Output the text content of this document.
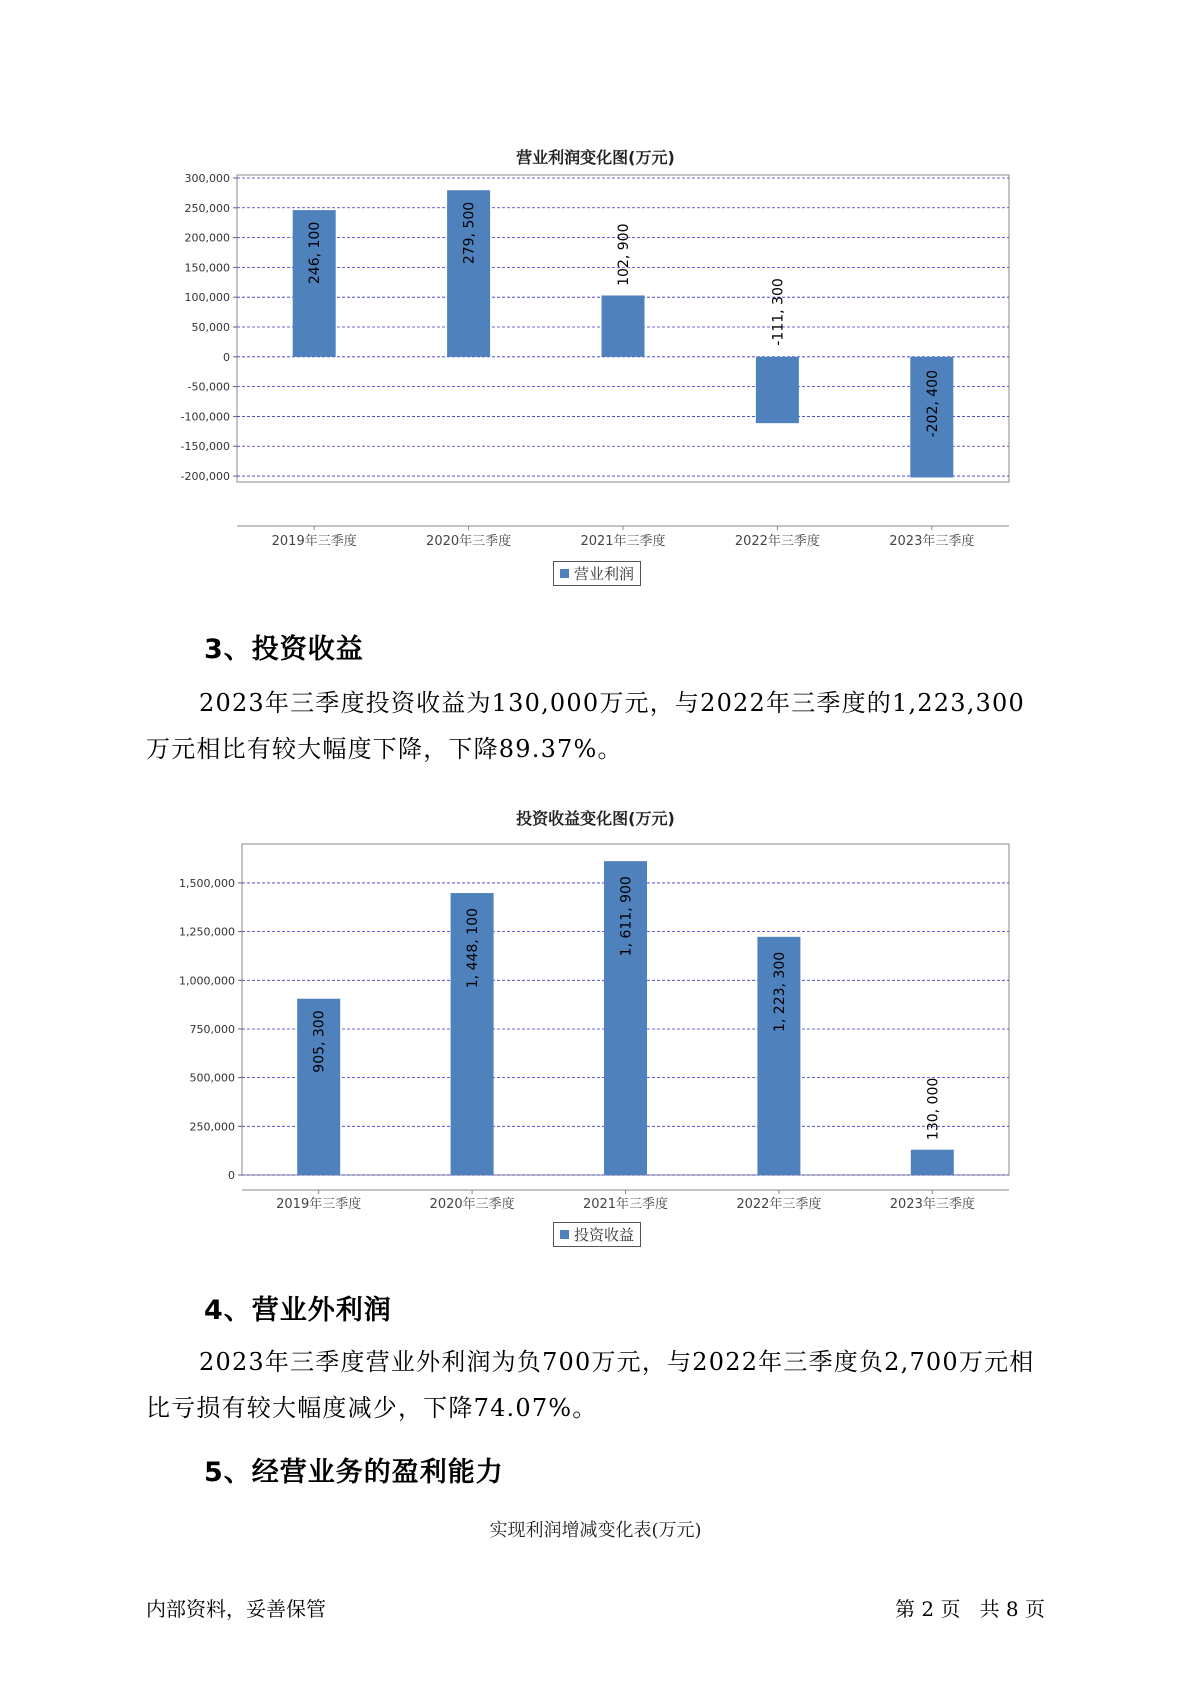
营业利润变化图(万元)
300,000
250,000
200,000
150,000
100,000
50,000
0
-50,000
-100,000
-150,000
-200,000
2019年三季度
246, 100
2020年三季度
279, 500
2021年三季度
102, 900
2022年三季度
-111, 300
2023年三季度
-202, 400
营业利润
3、投资收益

2023年三季度投资收益为130,000万元，与2022年三季度的1,223,300万元相比有较大幅度下降，下降89.37%。

投资收益变化图(万元)
1,500,000
1,250,000
1,000,000
750,000
500,000
250,000
0
2019年三季度
905, 300
2020年三季度
1, 448, 100
2021年三季度
1, 611, 900
2022年三季度
1, 223, 300
2023年三季度
130, 000
投资收益
4、营业外利润

2023年三季度营业外利润为负700万元，与2022年三季度负2,700万元相比亏损有较大幅度减少，下降74.07%。

5、经营业务的盈利能力
实现利润增减变化表(万元)
内部资料，妥善保管	第 2 页   共 8 页
